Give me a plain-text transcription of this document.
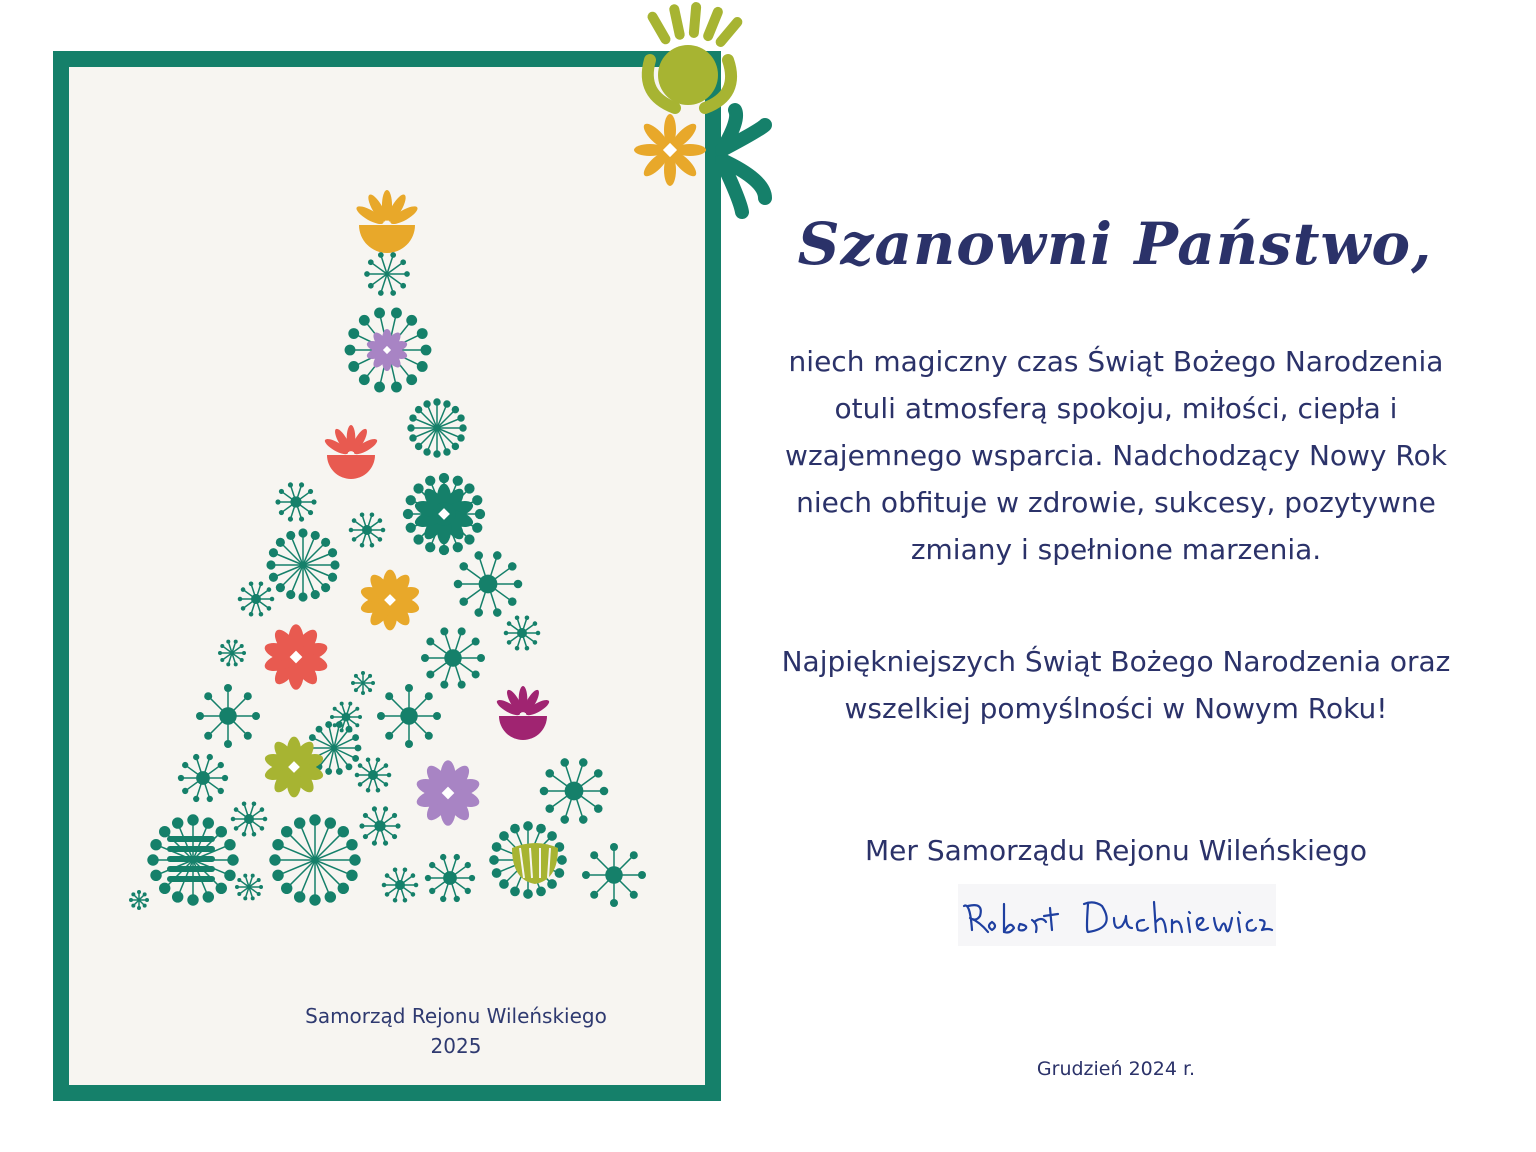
Samorząd Rejonu Wileńskiego
2025
Szanowni Państwo,
niech magiczny czas Świąt Bożego Narodzenia otuli atmosferą spokoju, miłości, ciepła i wzajemnego wsparcia. Nadchodzący Nowy Rok niech obfituje w zdrowie, sukcesy, pozytywne zmiany i spełnione marzenia.
Najpiękniejszych Świąt Bożego Narodzenia oraz wszelkiej pomyślności w Nowym Roku!
Mer Samorządu Rejonu Wileńskiego
Grudzień 2024 r.
